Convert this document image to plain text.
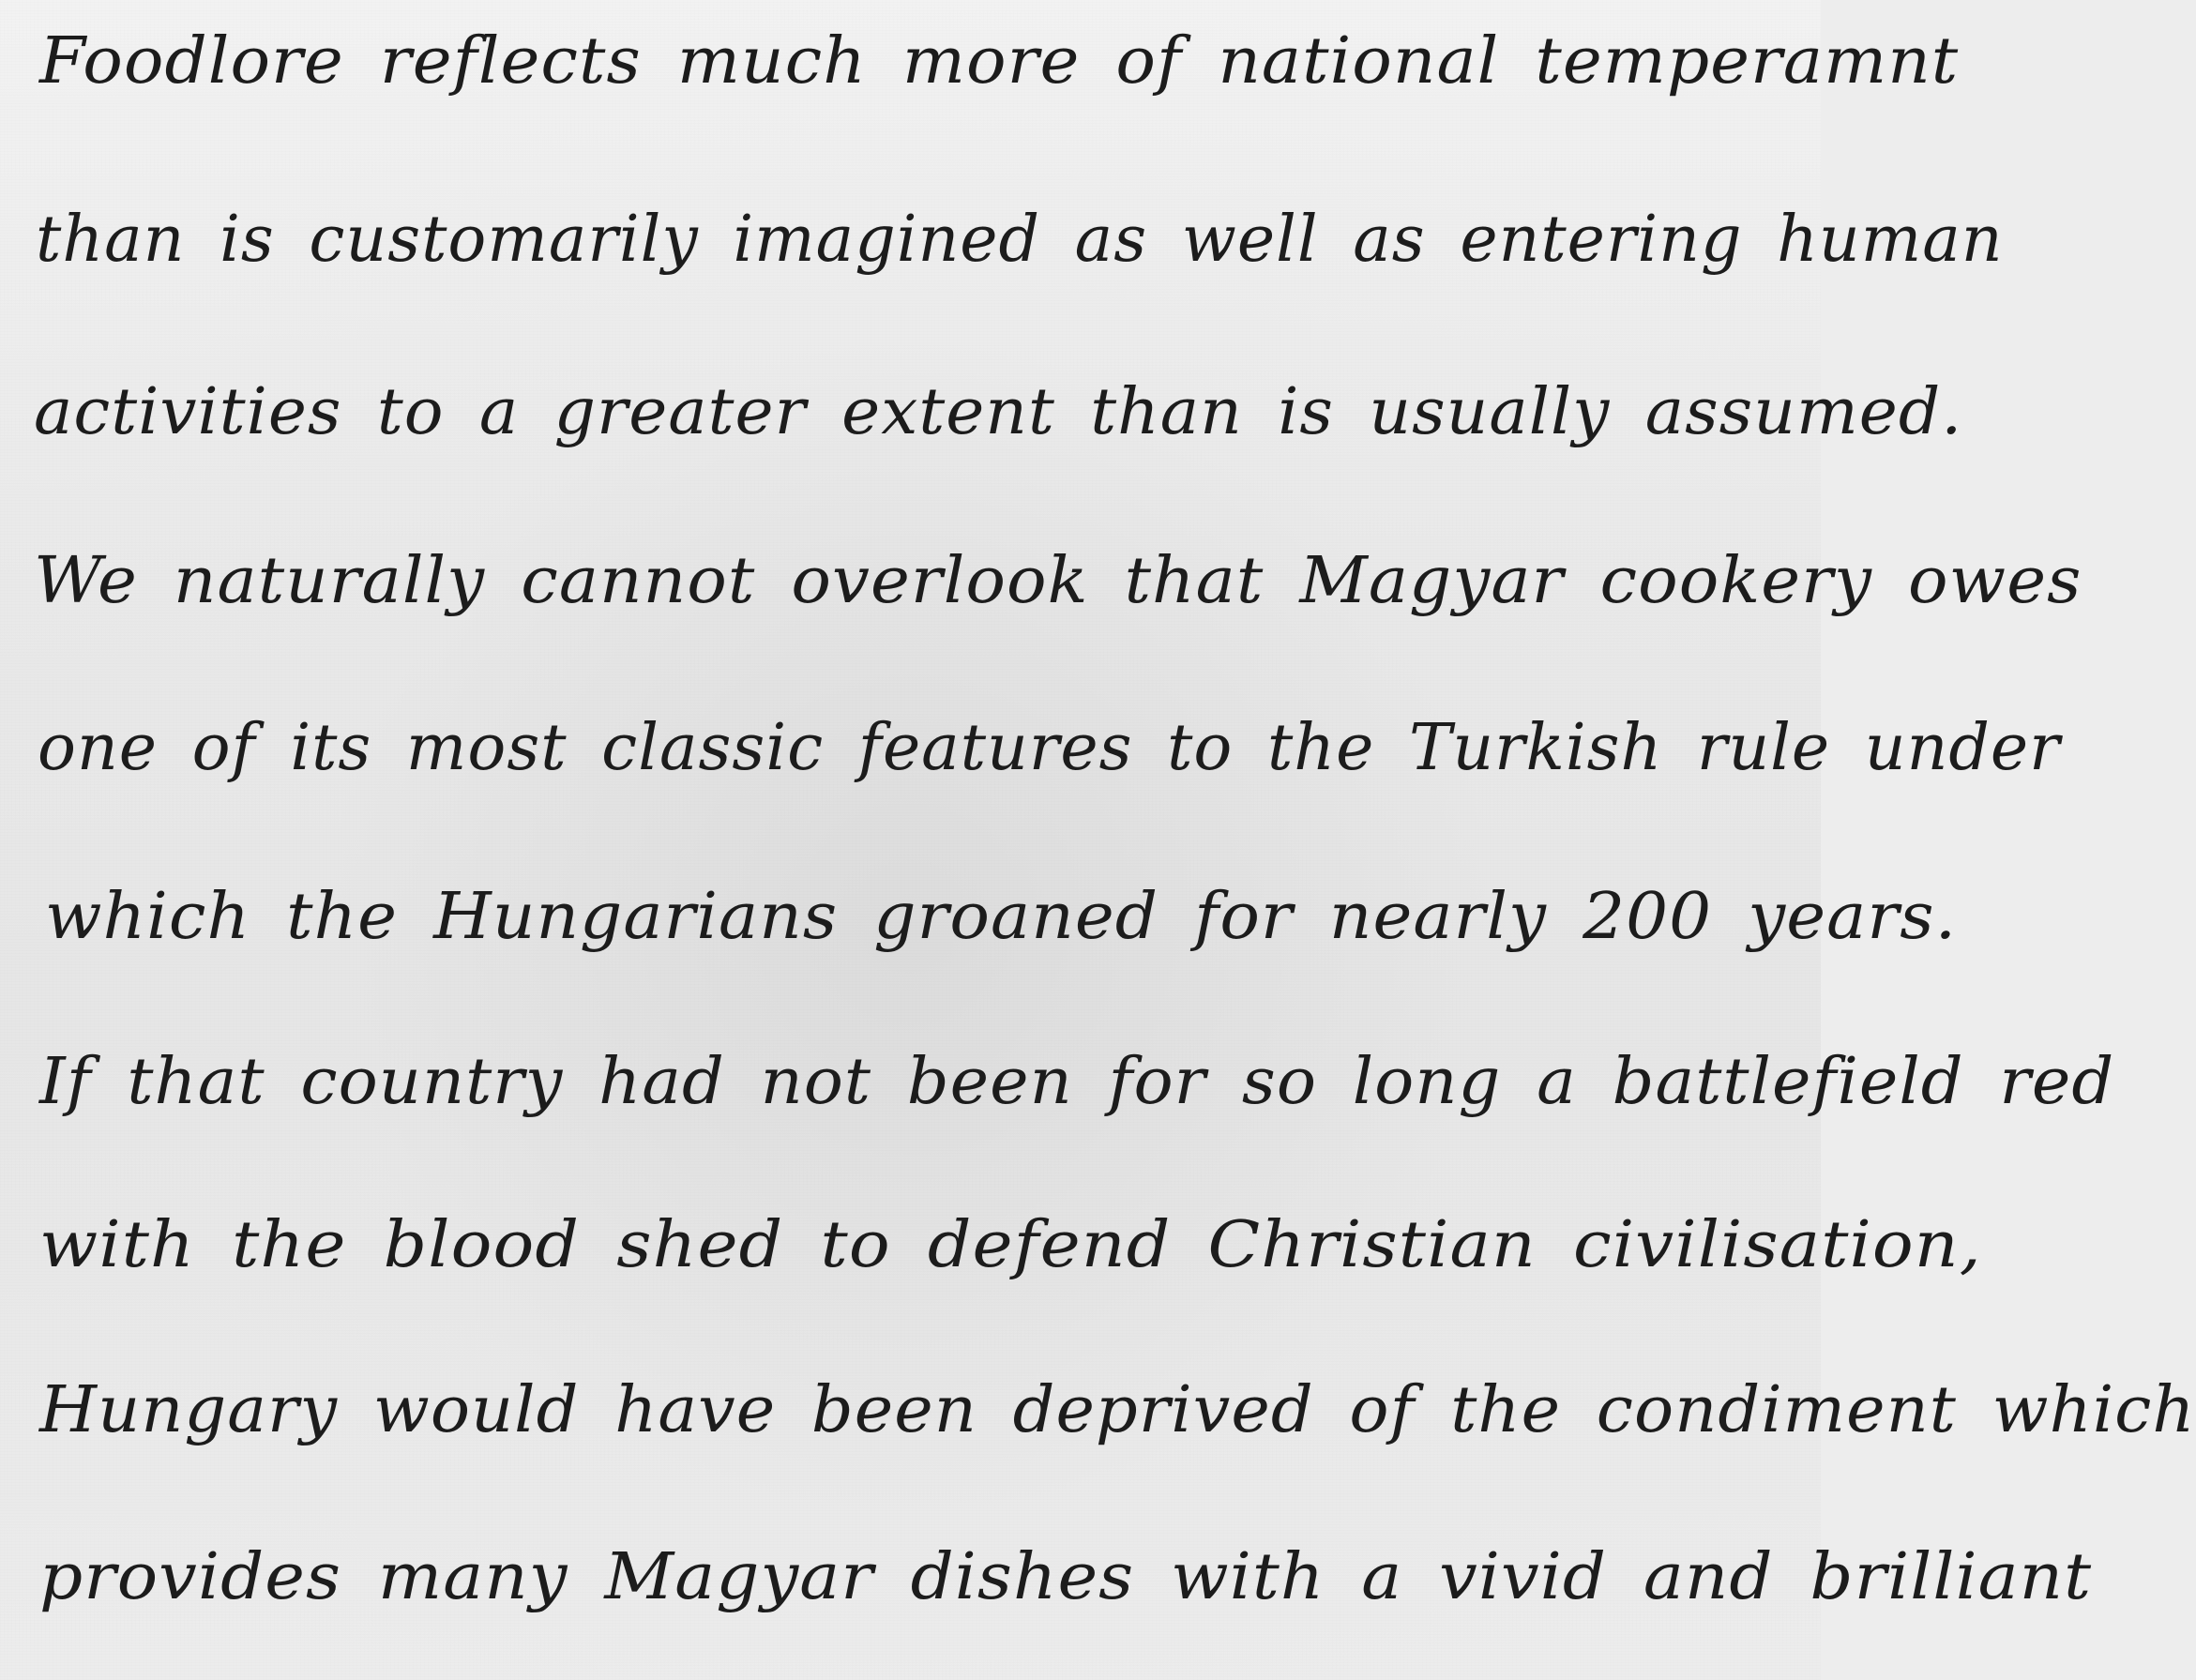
Foodlore reflects much more of national temperamnt
than is customarily imagined as well as entering human
activities to a greater extent than is usually assumed.
We naturally cannot overlook that Magyar cookery owes
one of its most classic features to the Turkish rule under
which the Hungarians groaned for nearly 200 years.
If that country had not been for so long a battlefield red
with the blood shed to defend Christian civilisation,
Hungary would have been deprived of the condiment which
provides many Magyar dishes with a vivid and brilliant
